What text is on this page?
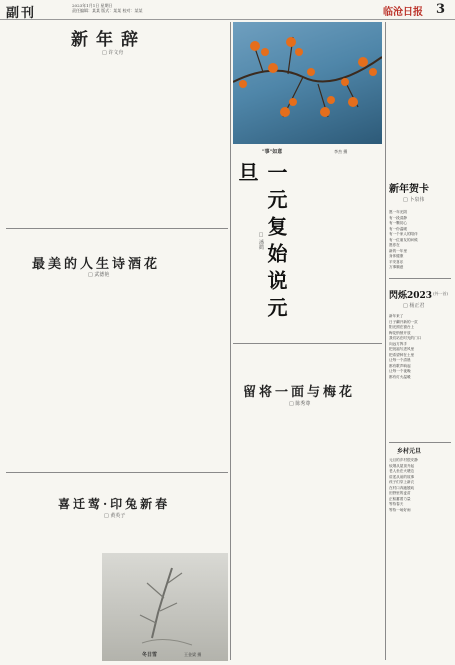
副刊
2023年1月1日 星期日
责任编辑：某某 版式：某某 校对：某某	临沧日报 3
新年辞
□ 许文舟
最美的人生诗酒花
□ 武德艳
喜迁莺·印兔新春
□ 黄英子
冬日雪	王金梁 摄
"事"如意	李杰 摄
一元复始说元旦
□ 潘鹤
留将一面与梅花
□ 陈秀尊
新年贺卡
□ 卜泉伟
愿一年光阴
有一段清静
有一颗初心
有一份温暖
有一个家人的陪伴
有一位朋友的问候
愿你在
新的一年里
身体健康
平安喜乐
万事顺意
閃烁2023 (外一首)
□ 杨正君
新年来了
日子翻开新的一页
阳光照在窗台上
梅花悄悄开放
我们站在时光的门口
向远方挥手
把祝福写进风里
把希望种在土里
让每一个清晨
都有歌声响起
让每一个夜晚
都有灯火温暖
乡村元旦
元旦的乡村很安静
炊烟从屋顶升起
老人坐在火塘边
讲述从前的故事
孩子们穿上新衣
在村口奔跑嬉戏
田野里的麦苗
正积蓄着力量
等待春天
等待一场好雨
